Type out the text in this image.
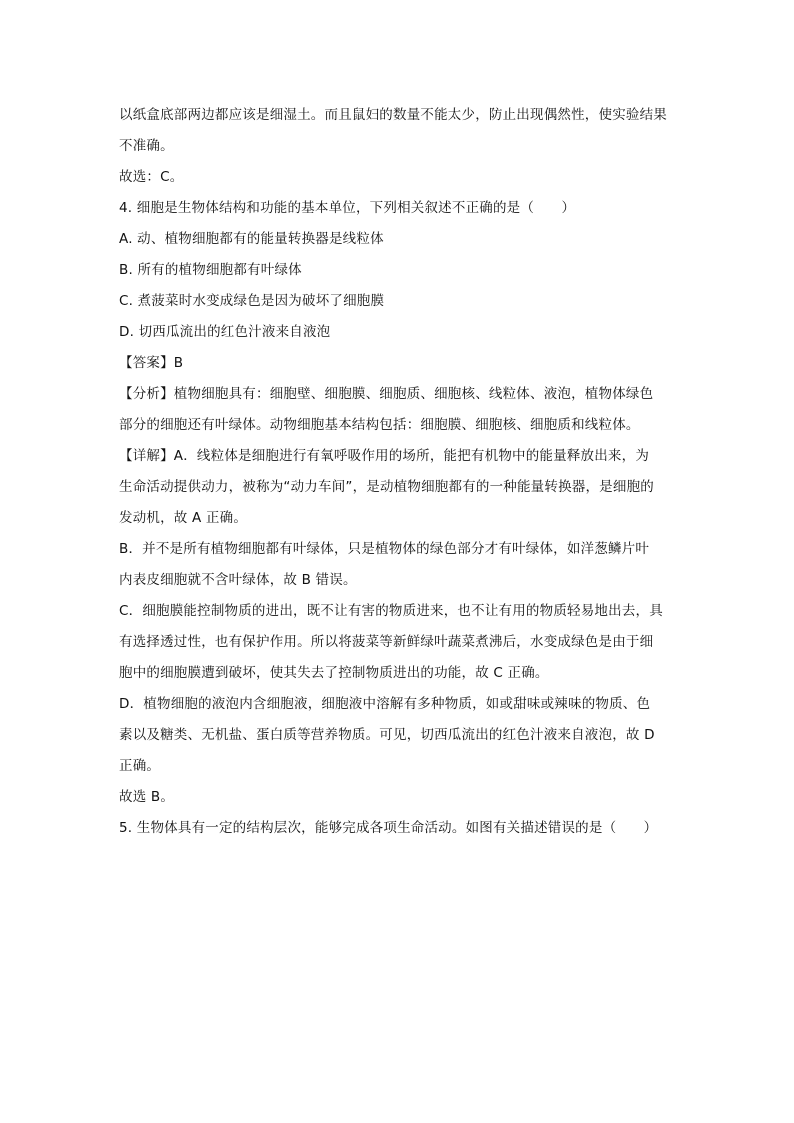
以纸盒底部两边都应该是细湿土。而且鼠妇的数量不能太少，防止出现偶然性，使实验结果
不准确。
故选：C。
4. 细胞是生物体结构和功能的基本单位，下列相关叙述不正确的是（　　）
A. 动、植物细胞都有的能量转换器是线粒体
B. 所有的植物细胞都有叶绿体
C. 煮菠菜时水变成绿色是因为破坏了细胞膜
D. 切西瓜流出的红色汁液来自液泡
【答案】B
【分析】植物细胞具有：细胞壁、细胞膜、细胞质、细胞核、线粒体、液泡，植物体绿色
部分的细胞还有叶绿体。动物细胞基本结构包括：细胞膜、细胞核、细胞质和线粒体。
【详解】A．线粒体是细胞进行有氧呼吸作用的场所，能把有机物中的能量释放出来，为
生命活动提供动力，被称为“动力车间”，是动植物细胞都有的一种能量转换器，是细胞的
发动机，故 A 正确。
B．并不是所有植物细胞都有叶绿体，只是植物体的绿色部分才有叶绿体，如洋葱鳞片叶
内表皮细胞就不含叶绿体，故 B 错误。
C．细胞膜能控制物质的进出，既不让有害的物质进来，也不让有用的物质轻易地出去，具
有选择透过性，也有保护作用。所以将菠菜等新鲜绿叶蔬菜煮沸后，水变成绿色是由于细
胞中的细胞膜遭到破坏，使其失去了控制物质进出的功能，故 C 正确。
D．植物细胞的液泡内含细胞液，细胞液中溶解有多种物质，如或甜味或辣味的物质、色
素以及糖类、无机盐、蛋白质等营养物质。可见，切西瓜流出的红色汁液来自液泡，故 D
正确。
故选 B。
5. 生物体具有一定的结构层次，能够完成各项生命活动。如图有关描述错误的是（　　）
